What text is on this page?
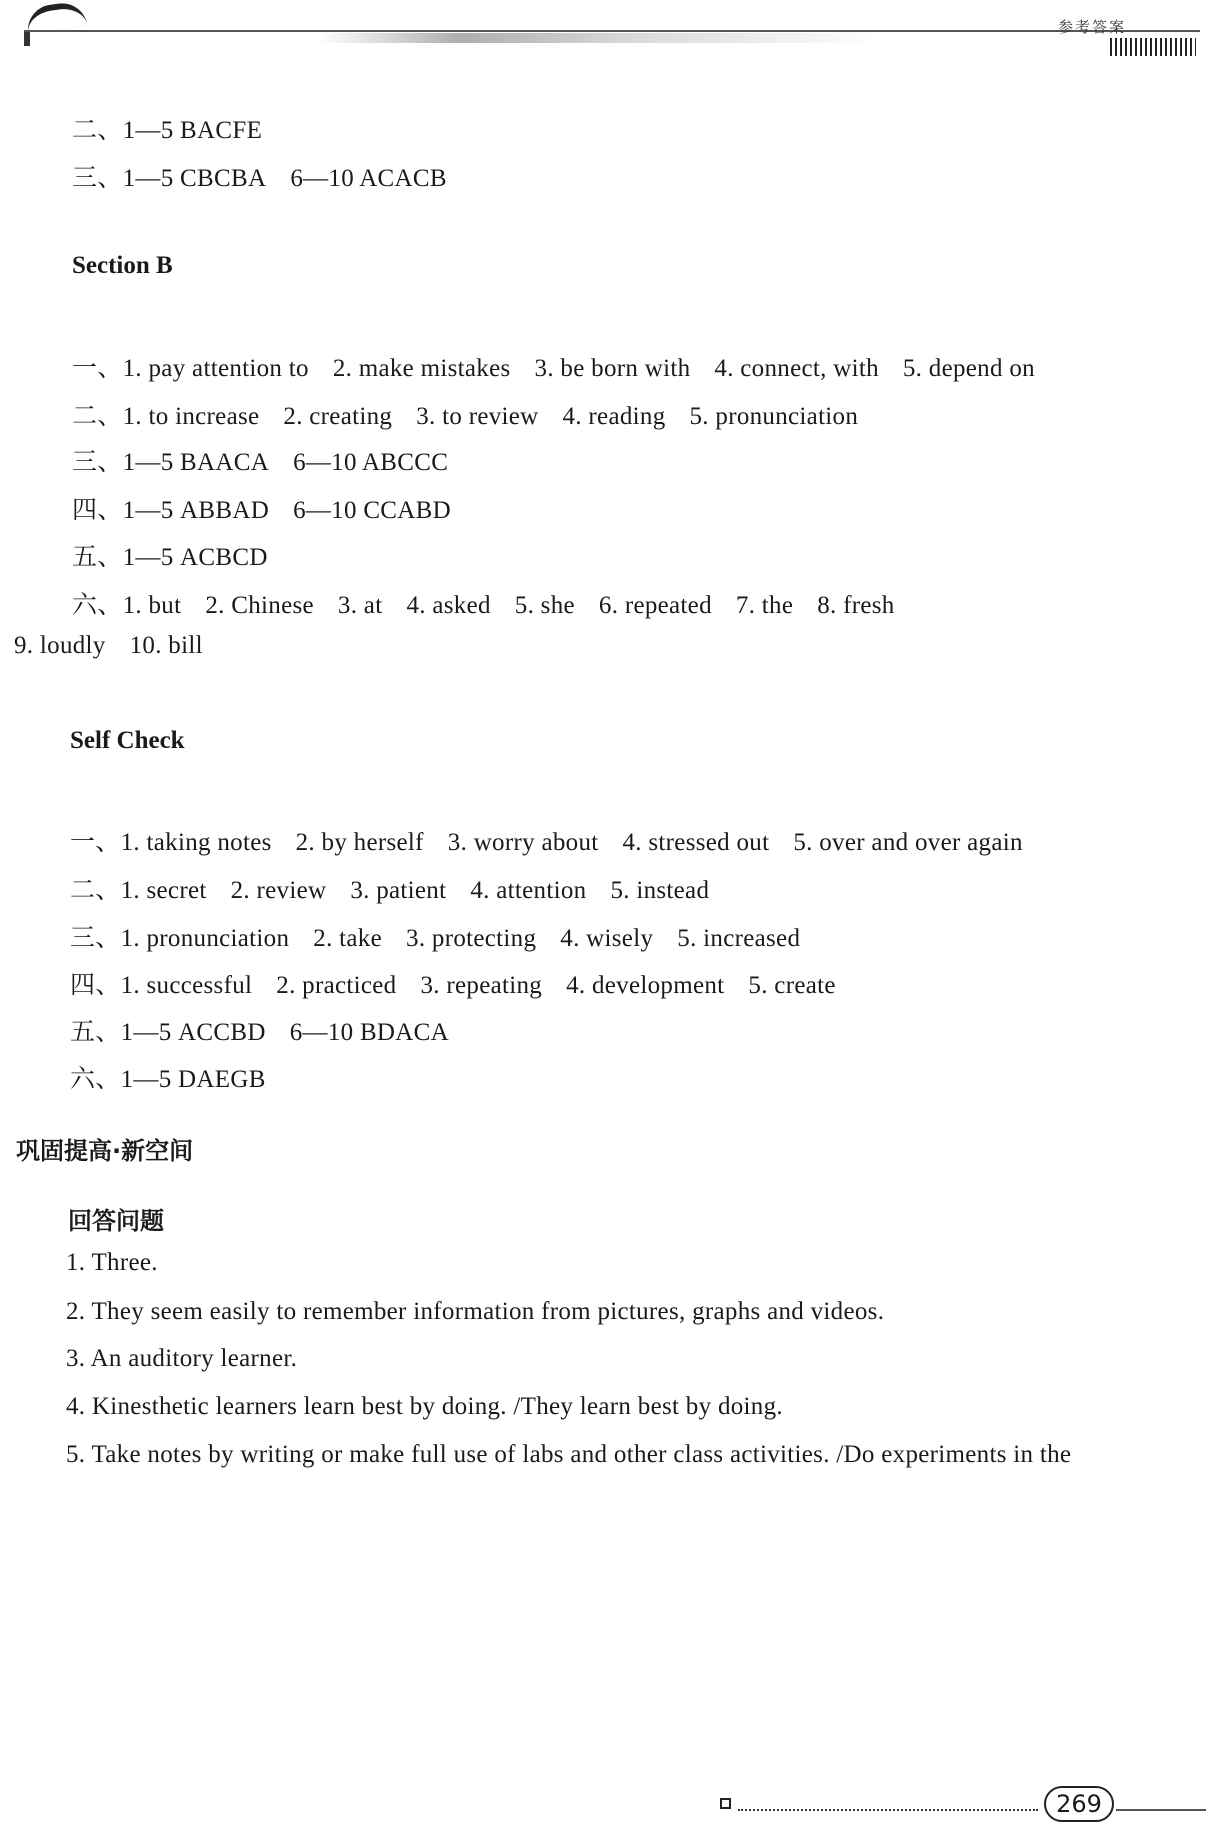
参考答案
二、1—5 BACFE
三、1—5 CBCBA 6—10 ACACB
Section B
一、1. pay attention to 2. make mistakes 3. be born with 4. connect, with 5. depend on
二、1. to increase 2. creating 3. to review 4. reading 5. pronunciation
三、1—5 BAACA 6—10 ABCCC
四、1—5 ABBAD 6—10 CCABD
五、1—5 ACBCD
六、1. but 2. Chinese 3. at 4. asked 5. she 6. repeated 7. the 8. fresh
9. loudly 10. bill
Self Check
一、1. taking notes 2. by herself 3. worry about 4. stressed out 5. over and over again
二、1. secret 2. review 3. patient 4. attention 5. instead
三、1. pronunciation 2. take 3. protecting 4. wisely 5. increased
四、1. successful 2. practiced 3. repeating 4. development 5. create
五、1—5 ACCBD 6—10 BDACA
六、1—5 DAEGB
巩固提高·新空间
回答问题
1. Three.
2. They seem easily to remember information from pictures, graphs and videos.
3. An auditory learner.
4. Kinesthetic learners learn best by doing. /They learn best by doing.
5. Take notes by writing or make full use of labs and other class activities. /Do experiments in the
269
